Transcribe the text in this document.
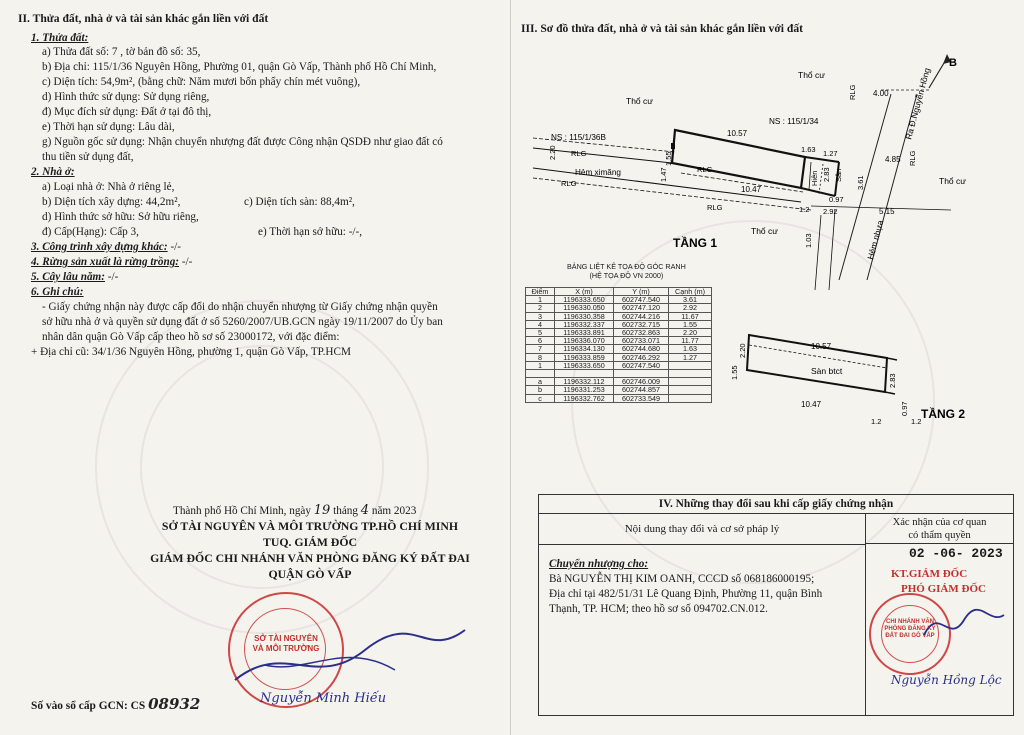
II. Thửa đất, nhà ở và tài sản khác gắn liền với đất
1. Thửa đất:
a) Thửa đất số: 7 , tờ bản đồ số: 35,
b) Địa chỉ: 115/1/36 Nguyên Hồng, Phường 01, quận Gò Vấp, Thành phố Hồ Chí Minh,
c) Diện tích: 54,9m², (bằng chữ: Năm mươi bốn phẩy chín mét vuông),
d) Hình thức sử dụng: Sử dụng riêng,
đ) Mục đích sử dụng: Đất ở tại đô thị,
e) Thời hạn sử dụng: Lâu dài,
g) Nguồn gốc sử dụng: Nhận chuyển nhượng đất được Công nhận QSDĐ như giao đất có
thu tiền sử dụng đất,
2. Nhà ở:
a) Loại nhà ở: Nhà ở riêng lẻ,
b) Diện tích xây dựng: 44,2m²,	c) Diện tích sàn: 88,4m²,
d) Hình thức sở hữu: Sở hữu riêng,
đ) Cấp(Hạng): Cấp 3,	e) Thời hạn sở hữu: -/-,
3. Công trình xây dựng khác: -/-
4. Rừng sản xuất là rừng trồng: -/-
5. Cây lâu năm: -/-
6. Ghi chú:
- Giấy chứng nhận này được cấp đổi do nhận chuyển nhượng từ Giấy chứng nhận quyền
sở hữu nhà ở và quyền sử dụng đất ở số 5260/2007/UB.GCN ngày 19/11/2007 do Ủy ban
nhân dân quận Gò Vấp cấp theo hồ sơ số 23000172, với đặc điểm:
+ Địa chỉ cũ: 34/1/36 Nguyên Hồng, phường 1, quận Gò Vấp, TP.HCM
Thành phố Hồ Chí Minh, ngày 19 tháng 4 năm 2023
SỞ TÀI NGUYÊN VÀ MÔI TRƯỜNG TP.HỒ CHÍ MINH
TUQ. GIÁM ĐỐC
GIÁM ĐỐC CHI NHÁNH VĂN PHÒNG ĐĂNG KÝ ĐẤT ĐAI
QUẬN GÒ VẤP
SỞ TÀI NGUYÊN VÀ MÔI TRƯỜNG
Nguyễn Minh Hiếu
Số vào sổ cấp GCN: CS 08932
III. Sơ đồ thửa đất, nhà ở và tài sản khác gắn liền với đất
B
Ra Đ.Nguyễn Hồng
Hẻm nhựa
Thổ cư
Thổ cư
Thổ cư
Thổ cư
4.00
RLG
RLG
NS : 115/1/34
NS : 115/1/36B
RLG
RLG
RLG
RLG
Hẻm ximăng
10.57
10.47
1.63 1.27
4.85
3.61
0.97
1.2 2.92	5.15
1.03
2.20	1.55
1.47	2.83
Hiên Sân
TẦNG 1
10.57
10.47
2.20
1.55
2.83
0.97
1.2	1.2
Sàn btct
TẦNG 2
BẢNG LIỆT KÊ TỌA ĐỘ GÓC RANH
(HỆ TỌA ĐỘ VN 2000)
Điểm	X (m)	Y (m)	Cạnh (m)
1	1196333.650	602747.540	3.61
2	1196330.050	602747.120	2.92
3	1196330.358	602744.216	11.67
4	1196332.337	602732.715	1.55
5	1196333.891	602732.863	2.20
6	1196336.070	602733.071	11.77
7	1196334.130	602744.680	1.63
8	1196333.859	602746.292	1.27
1	1196333.650	602747.540	

a	1196332.112	602746.009	
b	1196331.253	602744.857	
c	1196332.762	602733.549	
IV. Những thay đổi sau khi cấp giấy chứng nhận
Nội dung thay đổi và cơ sở pháp lý
Xác nhận của cơ quan
có thẩm quyền
Chuyển nhượng cho:
Bà NGUYỄN THỊ KIM OANH, CCCD số 068186000195;
Địa chỉ tại 482/51/31 Lê Quang Định, Phường 11, quận Bình
Thạnh, TP. HCM; theo hồ sơ số 094702.CN.012.
02 -06- 2023
KT.GIÁM ĐỐC
PHÓ GIÁM ĐỐC
CHI NHÁNH VĂN PHÒNG ĐĂNG KÝ ĐẤT ĐAI GÒ VẤP
Nguyễn Hồng Lộc
